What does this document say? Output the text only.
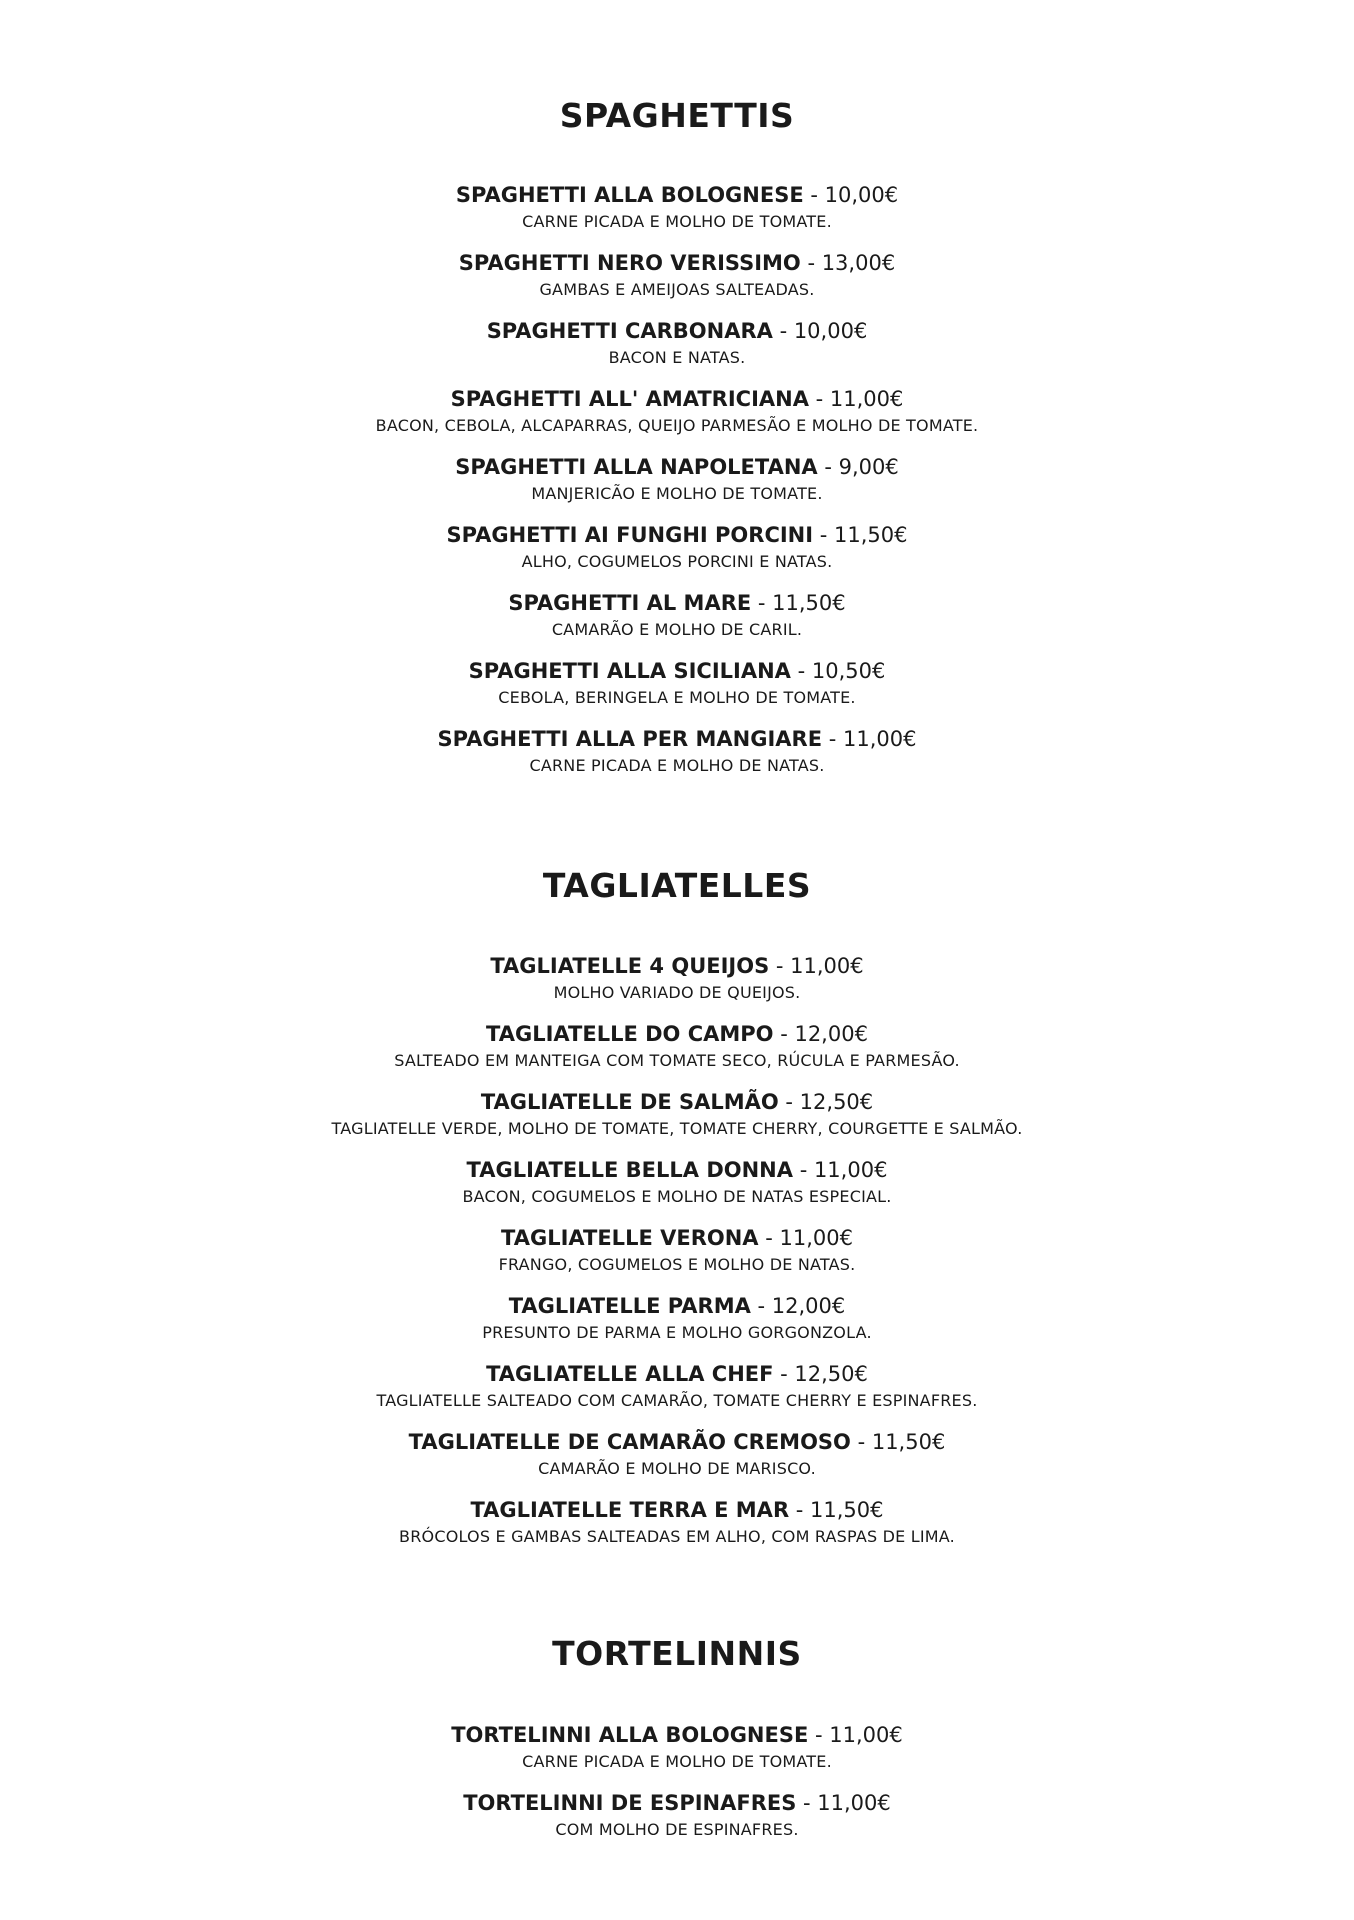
SPAGHETTIS
SPAGHETTI ALLA BOLOGNESE - 10,00€
CARNE PICADA E MOLHO DE TOMATE.
SPAGHETTI NERO VERISSIMO - 13,00€
GAMBAS E AMEIJOAS SALTEADAS.
SPAGHETTI CARBONARA - 10,00€
BACON E NATAS.
SPAGHETTI ALL' AMATRICIANA - 11,00€
BACON, CEBOLA, ALCAPARRAS, QUEIJO PARMESÃO E MOLHO DE TOMATE.
SPAGHETTI ALLA NAPOLETANA - 9,00€
MANJERICÃO E MOLHO DE TOMATE.
SPAGHETTI AI FUNGHI PORCINI - 11,50€
ALHO, COGUMELOS PORCINI E NATAS.
SPAGHETTI AL MARE - 11,50€
CAMARÃO E MOLHO DE CARIL.
SPAGHETTI ALLA SICILIANA - 10,50€
CEBOLA, BERINGELA E MOLHO DE TOMATE.
SPAGHETTI ALLA PER MANGIARE - 11,00€
CARNE PICADA E MOLHO DE NATAS.
TAGLIATELLES
TAGLIATELLE 4 QUEIJOS - 11,00€
MOLHO VARIADO DE QUEIJOS.
TAGLIATELLE DO CAMPO - 12,00€
SALTEADO EM MANTEIGA COM TOMATE SECO, RÚCULA E PARMESÃO.
TAGLIATELLE DE SALMÃO - 12,50€
TAGLIATELLE VERDE, MOLHO DE TOMATE, TOMATE CHERRY, COURGETTE E SALMÃO.
TAGLIATELLE BELLA DONNA - 11,00€
BACON, COGUMELOS E MOLHO DE NATAS ESPECIAL.
TAGLIATELLE VERONA - 11,00€
FRANGO, COGUMELOS E MOLHO DE NATAS.
TAGLIATELLE PARMA - 12,00€
PRESUNTO DE PARMA E MOLHO GORGONZOLA.
TAGLIATELLE ALLA CHEF - 12,50€
TAGLIATELLE SALTEADO COM CAMARÃO, TOMATE CHERRY E ESPINAFRES.
TAGLIATELLE DE CAMARÃO CREMOSO - 11,50€
CAMARÃO E MOLHO DE MARISCO.
TAGLIATELLE TERRA E MAR - 11,50€
BRÓCOLOS E GAMBAS SALTEADAS EM ALHO, COM RASPAS DE LIMA.
TORTELINNIS
TORTELINNI ALLA BOLOGNESE - 11,00€
CARNE PICADA E MOLHO DE TOMATE.
TORTELINNI DE ESPINAFRES - 11,00€
COM MOLHO DE ESPINAFRES.
